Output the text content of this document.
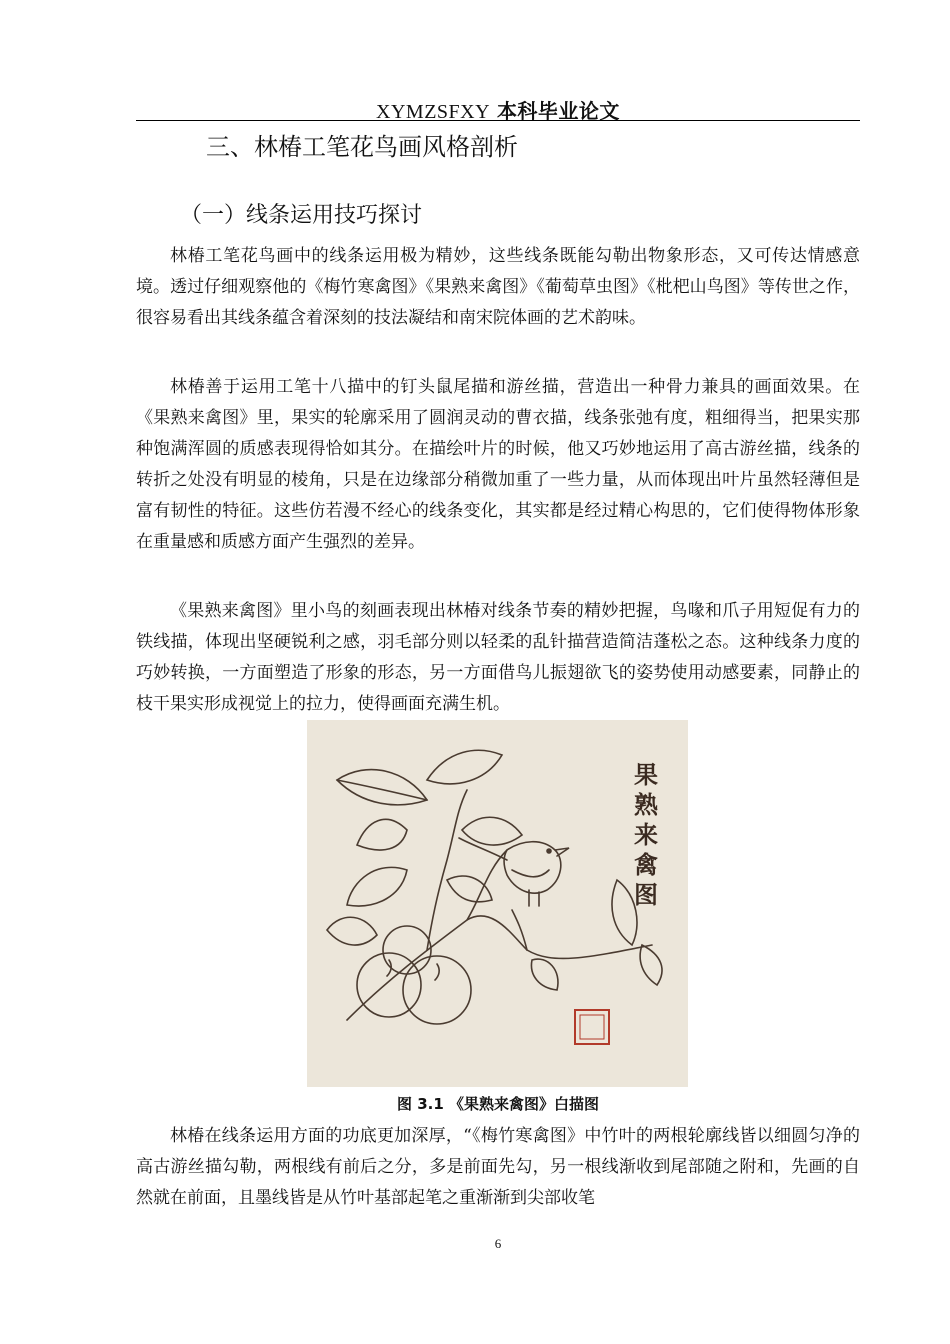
XYMZSFXY 本科毕业论文
三、林椿工笔花鸟画风格剖析
（一）线条运用技巧探讨

林椿工笔花鸟画中的线条运用极为精妙，这些线条既能勾勒出物象形态，又可传达情感意境。透过仔细观察他的《梅竹寒禽图》《果熟来禽图》《葡萄草虫图》《枇杷山鸟图》等传世之作，很容易看出其线条蕴含着深刻的技法凝结和南宋院体画的艺术韵味。

林椿善于运用工笔十八描中的钉头鼠尾描和游丝描，营造出一种骨力兼具的画面效果。在《果熟来禽图》里，果实的轮廓采用了圆润灵动的曹衣描，线条张弛有度，粗细得当，把果实那种饱满浑圆的质感表现得恰如其分。在描绘叶片的时候，他又巧妙地运用了高古游丝描，线条的转折之处没有明显的棱角，只是在边缘部分稍微加重了一些力量，从而体现出叶片虽然轻薄但是富有韧性的特征。这些仿若漫不经心的线条变化，其实都是经过精心构思的，它们使得物体形象在重量感和质感方面产生强烈的差异。

《果熟来禽图》里小鸟的刻画表现出林椿对线条节奏的精妙把握，鸟喙和爪子用短促有力的铁线描，体现出坚硬锐利之感，羽毛部分则以轻柔的乱针描营造简洁蓬松之态。这种线条力度的巧妙转换，一方面塑造了形象的形态，另一方面借鸟儿振翅欲飞的姿势使用动感要素，同静止的枝干果实形成视觉上的拉力，使得画面充满生机。

果熟来禽图
图 3.1 《果熟来禽图》白描图

林椿在线条运用方面的功底更加深厚，“《梅竹寒禽图》中竹叶的两根轮廓线皆以细圆匀净的高古游丝描勾勒，两根线有前后之分，多是前面先勾，另一根线渐收到尾部随之附和，先画的自然就在前面，且墨线皆是从竹叶基部起笔之重渐渐到尖部收笔

6
